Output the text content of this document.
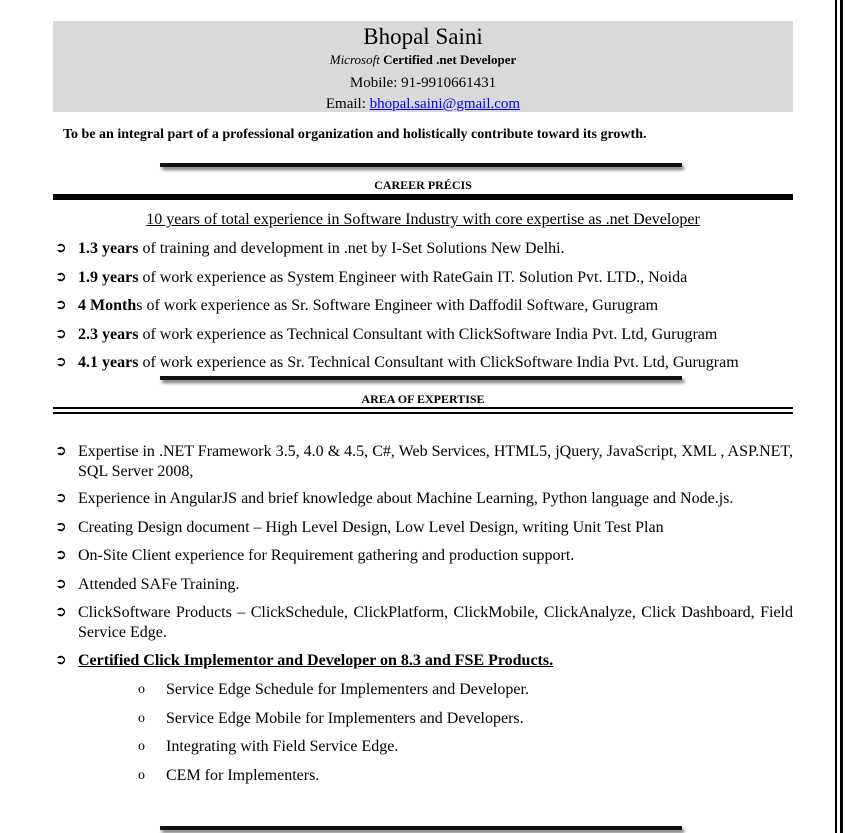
Bhopal Saini
Microsoft Certified .net Developer
Mobile: 91-9910661431
Email: bhopal.saini@gmail.com
To be an integral part of a professional organization and holistically contribute toward its growth.
CAREER PRÉCIS
10 years of total experience in Software Industry with core expertise as .net Developer
➲ 1.3 years of training and development in .net by I-Set Solutions New Delhi.
➲ 1.9 years of work experience as System Engineer with RateGain IT. Solution Pvt. LTD., Noida
➲ 4 Months of work experience as Sr. Software Engineer with Daffodil Software, Gurugram
➲ 2.3 years of work experience as Technical Consultant with ClickSoftware India Pvt. Ltd, Gurugram
➲ 4.1 years of work experience as Sr. Technical Consultant with ClickSoftware India Pvt. Ltd, Gurugram
AREA OF EXPERTISE
➲ Expertise in .NET Framework 3.5, 4.0 & 4.5, C#, Web Services, HTML5, jQuery, JavaScript, XML , ASP.NET, SQL Server 2008,
➲ Experience in AngularJS and brief knowledge about Machine Learning, Python language and Node.js.
➲ Creating Design document – High Level Design, Low Level Design, writing Unit Test Plan
➲ On-Site Client experience for Requirement gathering and production support.
➲ Attended SAFe Training.
➲ ClickSoftware Products – ClickSchedule, ClickPlatform, ClickMobile, ClickAnalyze, Click Dashboard, Field Service Edge.
➲ Certified Click Implementor and Developer on 8.3 and FSE Products.
o Service Edge Schedule for Implementers and Developer.
o Service Edge Mobile for Implementers and Developers.
o Integrating with Field Service Edge.
o CEM for Implementers.
